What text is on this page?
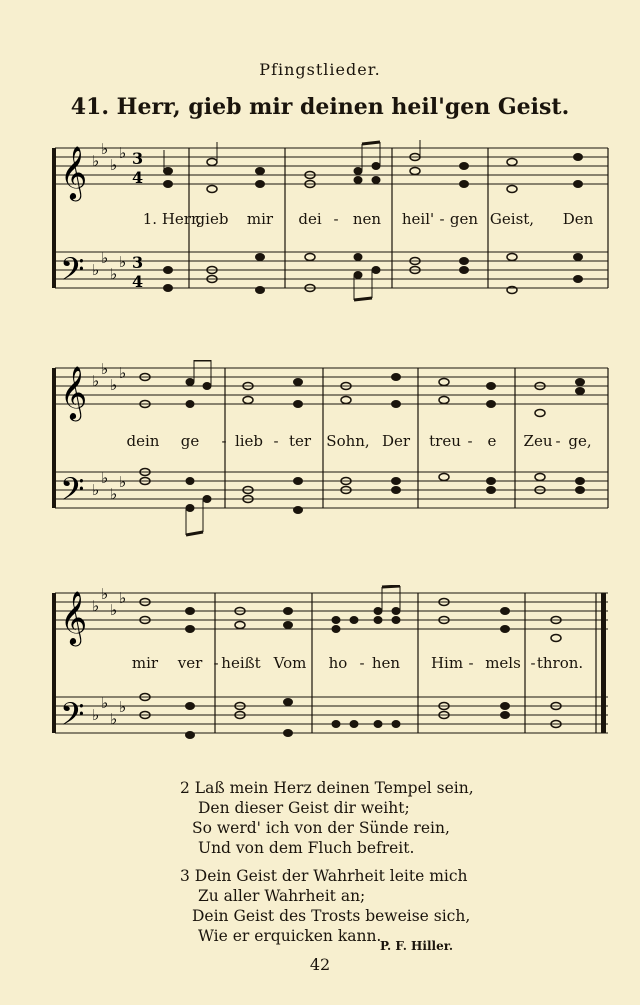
Pfingstlieder.
41. Herr, gieb mir deinen heil'gen Geist.
𝄞
𝄢
♭
♭
♭
♭
♭
♭
♭
♭
3
4
3
4
1. Herr,
gieb mir dei - nen heil' - gen Geist, Den
𝄞
𝄢
♭
♭
♭
♭
♭
♭
♭
♭
dein ge - lieb - ter Sohn, Der treu - e Zeu - ge,
𝄞
𝄢
♭
♭
♭
♭
♭
♭
♭
♭
mir ver - heißt Vom ho - hen Him - mels - thron.
2 Laß mein Herz deinen Tempel sein,
Den dieser Geist dir weiht;
So werd' ich von der Sünde rein,
Und von dem Fluch befreit.
3 Dein Geist der Wahrheit leite mich
Zu aller Wahrheit an;
Dein Geist des Trosts beweise sich,
Wie er erquicken kann.
P. F. Hiller.
42
